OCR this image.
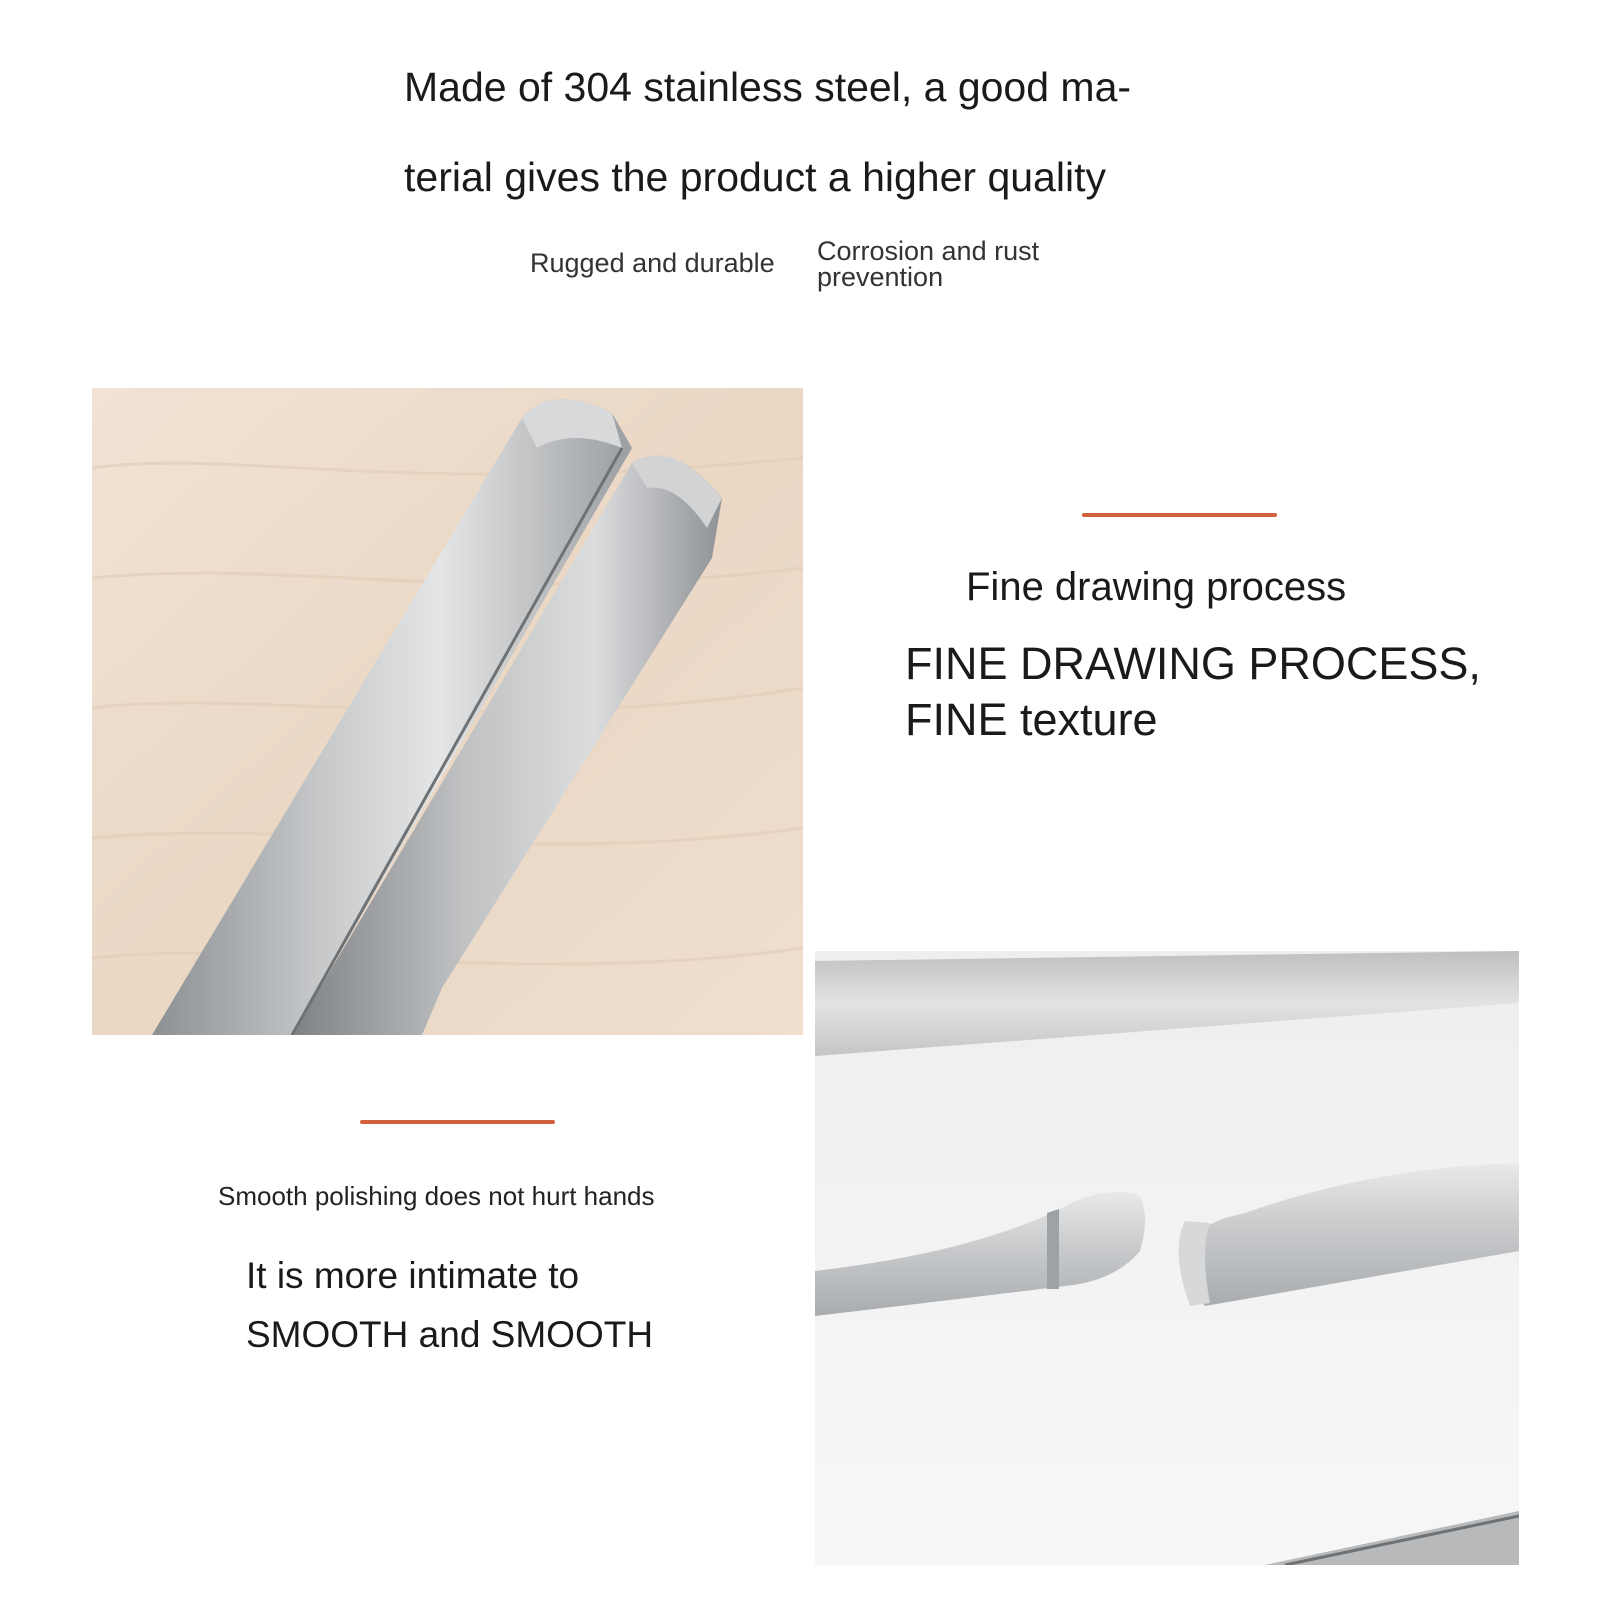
Made of 304 stainless steel, a good ma-
terial gives the product a higher quality
Rugged and durable Corrosion and rust prevention
Fine drawing process
FINE DRAWING PROCESS, FINE texture
Smooth polishing does not hurt hands
It is more intimate to
SMOOTH and SMOOTH
